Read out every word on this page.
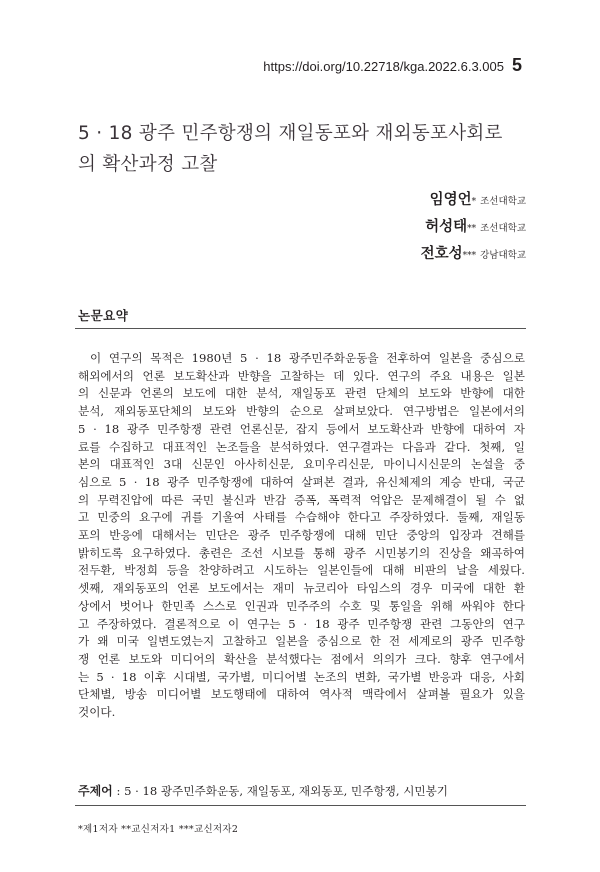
https://doi.org/10.22718/kga.2022.6.3.005 5
5 · 18 광주 민주항쟁의 재일동포와 재외동포사회로
의 확산과정 고찰
임영언* 조선대학교
허성태** 조선대학교
전호성*** 강남대학교
논문요약
이 연구의 목적은 1980년 5 · 18 광주민주화운동을 전후하여 일본을 중심으로
해외에서의 언론 보도확산과 반향을 고찰하는 데 있다. 연구의 주요 내용은 일본
의 신문과 언론의 보도에 대한 분석, 재일동포 관련 단체의 보도와 반향에 대한
분석, 재외동포단체의 보도와 반향의 순으로 살펴보았다. 연구방법은 일본에서의
5 · 18 광주 민주항쟁 관련 언론신문, 잡지 등에서 보도확산과 반향에 대하여 자
료를 수집하고 대표적인 논조들을 분석하였다. 연구결과는 다음과 같다. 첫째, 일
본의 대표적인 3대 신문인 아사히신문, 요미우리신문, 마이니시신문의 논설을 중
심으로 5 · 18 광주 민주항쟁에 대하여 살펴본 결과, 유신체제의 계승 반대, 국군
의 무력진압에 따른 국민 불신과 반감 증폭, 폭력적 억압은 문제해결이 될 수 없
고 민중의 요구에 귀를 기울여 사태를 수습해야 한다고 주장하였다. 둘째, 재일동
포의 반응에 대해서는 민단은 광주 민주항쟁에 대해 민단 중앙의 입장과 견해를
밝히도록 요구하였다. 총련은 조선 시보를 통해 광주 시민봉기의 진상을 왜곡하여
전두환, 박정희 등을 찬양하려고 시도하는 일본인들에 대해 비판의 날을 세웠다.
셋째, 재외동포의 언론 보도에서는 재미 뉴코리아 타임스의 경우 미국에 대한 환
상에서 벗어나 한민족 스스로 인권과 민주주의 수호 및 통일을 위해 싸워야 한다
고 주장하였다. 결론적으로 이 연구는 5 · 18 광주 민주항쟁 관련 그동안의 연구
가 왜 미국 일변도였는지 고찰하고 일본을 중심으로 한 전 세계로의 광주 민주항
쟁 언론 보도와 미디어의 확산을 분석했다는 점에서 의의가 크다. 향후 연구에서
는 5 · 18 이후 시대별, 국가별, 미디어별 논조의 변화, 국가별 반응과 대응, 사회
단체별, 방송 미디어별 보도행태에 대하여 역사적 맥락에서 살펴볼 필요가 있을
것이다.
주제어 : 5 · 18 광주민주화운동, 재일동포, 재외동포, 민주항쟁, 시민봉기
*제1저자 **교신저자1 ***교신저자2
